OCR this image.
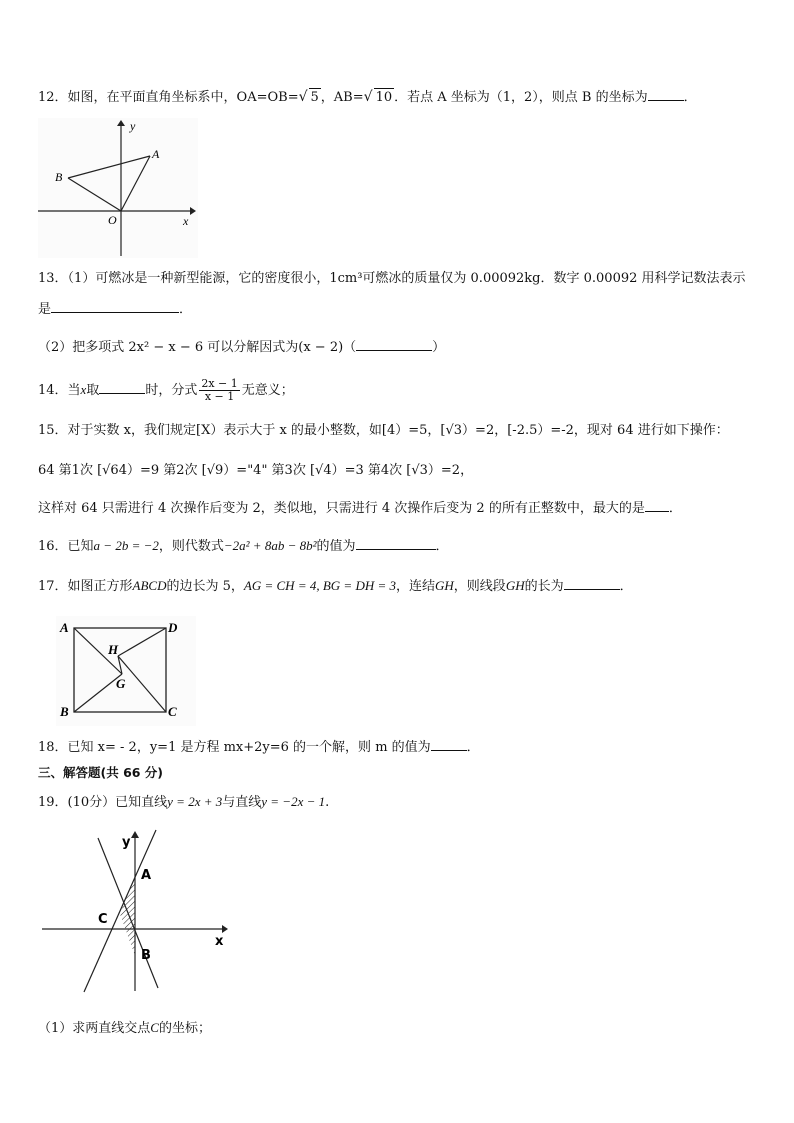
12．如图，在平面直角坐标系中，OA=OB=√ 5 ，AB=√ 10 ．若点 A 坐标为（1，2），则点 B 的坐标为	．
y
x
A
B
O
13．（1）可燃冰是一种新型能源，它的密度很小，1cm³可燃冰的质量仅为 0.00092kg．数字 0.00092 用科学记数法表示
是	．
（2）把多项式 2x² − x − 6 可以分解因式为(x − 2)（	）
14．当x取	时，分式 $\frac{2x - 1}{x - 1}$ 无意义；
15．对于实数 x，我们规定[X）表示大于 x 的最小整数，如[4）=5，[√3）=2，[-2.5）=-2，现对 64 进行如下操作：
64 第1次 [√64）=9 第2次 [√9）="4" 第3次 [√4）=3 第4次 [√3）=2，
这样对 64 只需进行 4 次操作后变为 2，类似地，只需进行 4 次操作后变为 2 的所有正整数中，最大的是 ．
16．已知a − 2b = −2，则代数式−2a² + 8ab − 8b²的值为	．
17．如图正方形ABCD的边长为 5，AG = CH = 4, BG = DH = 3，连结GH，则线段GH的长为	．
A	D
B	C
H
G
18．已知 x= - 2，y=1 是方程 mx+2y=6 的一个解，则 m 的值为	．
三、解答题(共 66 分)
19．(10分）已知直线y = 2x + 3与直线y = −2x − 1.
y
x
A
B
C
（1）求两直线交点C的坐标；
